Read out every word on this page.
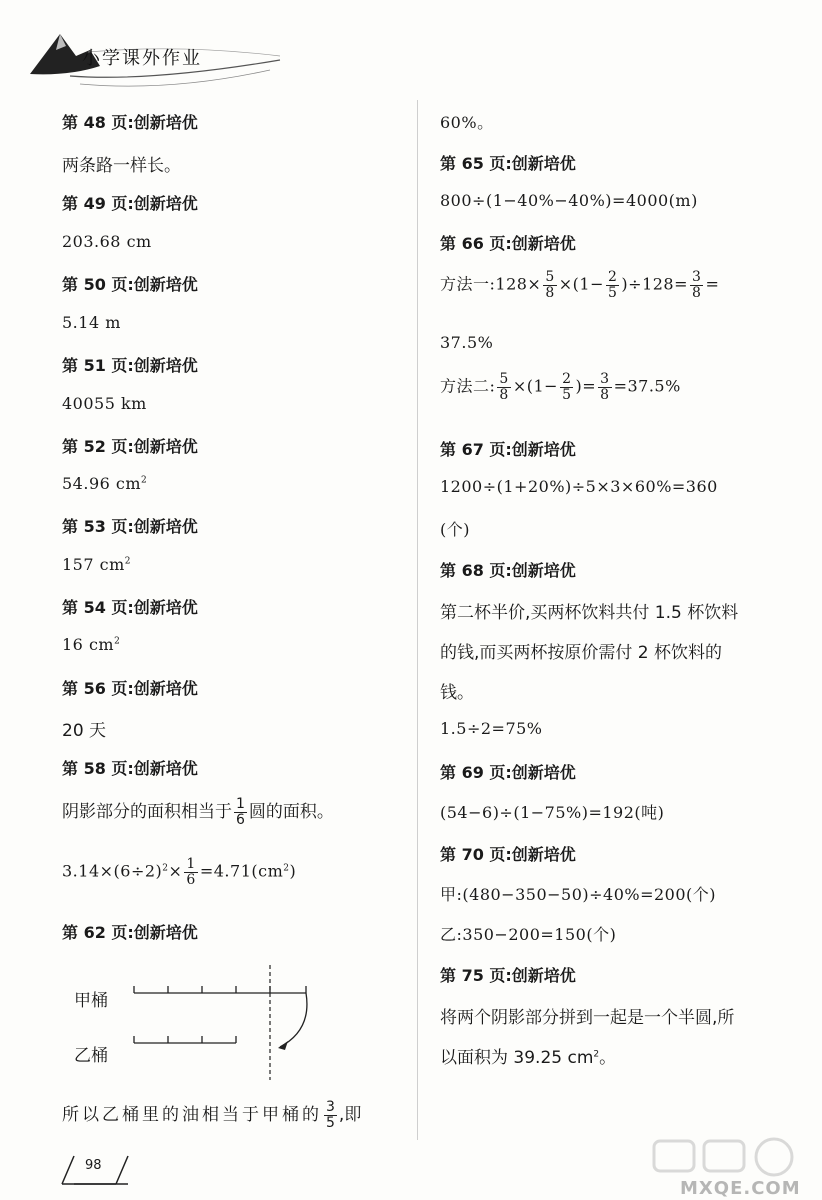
小学课外作业
第 48 页:创新培优
两条路一样长。
第 49 页:创新培优
203.68 cm
第 50 页:创新培优
5.14 m
第 51 页:创新培优
40055 km
第 52 页:创新培优
54.96 $cm^2$
第 53 页:创新培优
157 $cm^2$
第 54 页:创新培优
16 $cm^2$
第 56 页:创新培优
20 天
第 58 页:创新培优
阴影部分的面积相当于 $\frac{1}{6}$ 圆的面积。
$3.14\times(6\div 2)^2\times \frac{1}{6} =4.71(cm^2)$
第 62 页:创新培优
甲桶
乙桶
所以乙桶里的油相当于甲桶的 $\frac{3}{5}$ ,即
60%。
第 65 页:创新培优
800÷(1−40%−40%)=4000(m)
第 66 页:创新培优
方法一:128× $\frac{5}{8} \times(1- \frac{2}{5} )\div 128= \frac{3}{8}$ =
37.5%
方法二: $\frac{5}{8} \times(1- \frac{2}{5}$ )= $\frac{3}{8} =37.5\%$
第 67 页:创新培优
1200÷(1+20%)÷5×3×60%=360
(个)
第 68 页:创新培优
第二杯半价,买两杯饮料共付 1.5 杯饮料
的钱,而买两杯按原价需付 2 杯饮料的
钱。
1.5÷2=75%
第 69 页:创新培优
(54−6)÷(1−75%)=192(吨)
第 70 页:创新培优
甲:(480−350−50)÷40%=200(个)
乙:350−200=150(个)
第 75 页:创新培优
将两个阴影部分拼到一起是一个半圆,所
以面积为 39.25 $cm^2$。
98
MXQE.COM
